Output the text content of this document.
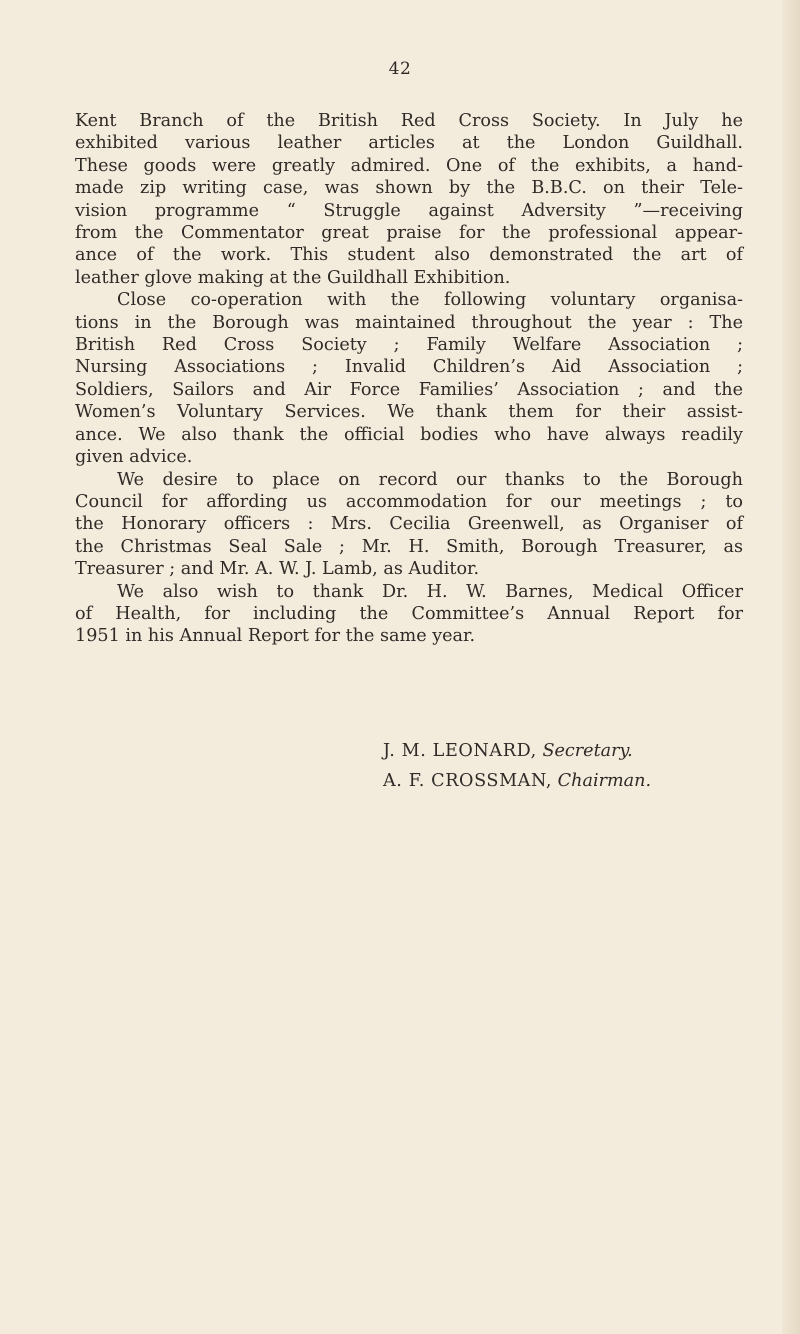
42
Kent Branch of the British Red Cross Society. In July he
exhibited various leather articles at the London Guildhall.
These goods were greatly admired. One of the exhibits, a hand-
made zip writing case, was shown by the B.B.C. on their Tele-
vision programme “ Struggle against Adversity ”—receiving
from the Commentator great praise for the professional appear-
ance of the work. This student also demonstrated the art of
leather glove making at the Guildhall Exhibition.
Close co-operation with the following voluntary organisa-
tions in the Borough was maintained throughout the year : The
British Red Cross Society ; Family Welfare Association ;
Nursing Associations ; Invalid Children’s Aid Association ;
Soldiers, Sailors and Air Force Families’ Association ; and the
Women’s Voluntary Services. We thank them for their assist-
ance. We also thank the official bodies who have always readily
given advice.
We desire to place on record our thanks to the Borough
Council for affording us accommodation for our meetings ; to
the Honorary officers : Mrs. Cecilia Greenwell, as Organiser of
the Christmas Seal Sale ; Mr. H. Smith, Borough Treasurer, as
Treasurer ; and Mr. A. W. J. Lamb, as Auditor.
We also wish to thank Dr. H. W. Barnes, Medical Officer
of Health, for including the Committee’s Annual Report for
1951 in his Annual Report for the same year.
J. M. LEONARD, Secretary.
A. F. CROSSMAN, Chairman.
